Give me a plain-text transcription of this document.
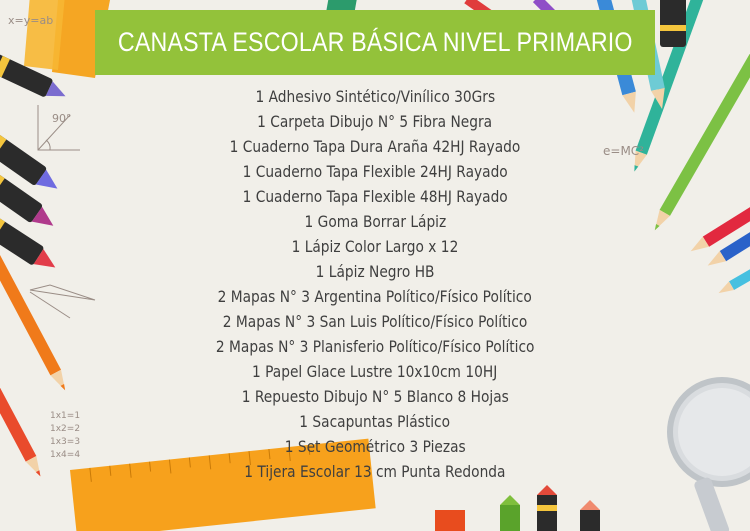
x=y=ab
90°
e=MC²
1x1=1
1x2=2
1x3=3
1x4=4
CANASTA ESCOLAR BÁSICA NIVEL PRIMARIO
1 Adhesivo Sintético/Vinílico 30Grs
1 Carpeta Dibujo N° 5 Fibra Negra
1 Cuaderno Tapa Dura Araña 42HJ Rayado
1 Cuaderno Tapa Flexible 24HJ Rayado
1 Cuaderno Tapa Flexible 48HJ Rayado
1 Goma Borrar Lápiz
1 Lápiz Color Largo x 12
1 Lápiz Negro HB
2 Mapas N° 3 Argentina Político/Físico Político
2 Mapas N° 3 San Luis Político/Físico Político
2 Mapas N° 3 Planisferio Político/Físico Político
1 Papel Glace Lustre 10x10cm 10HJ
1 Repuesto Dibujo N° 5 Blanco 8 Hojas
1 Sacapuntas Plástico
1 Set Geométrico 3 Piezas
1 Tijera Escolar 13 cm Punta Redonda
